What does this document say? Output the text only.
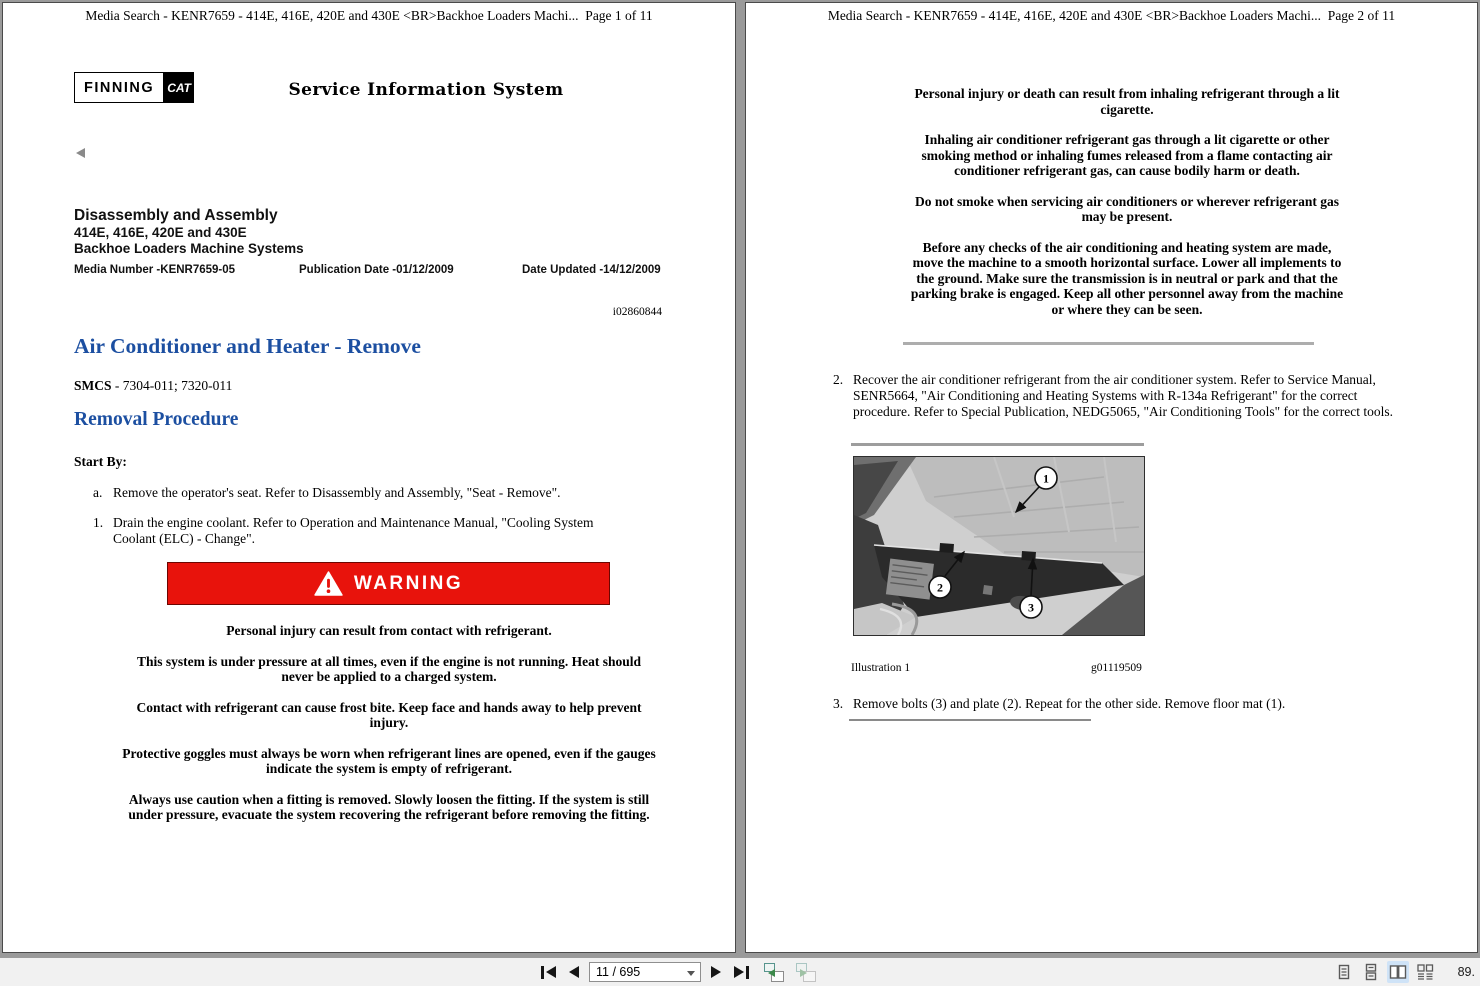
Media Search - KENR7659 - 414E, 416E, 420E and 430E <BR>Backhoe Loaders Machi...  Page 1 of 11
FINNING	CAT	Service Information System
Disassembly and Assembly
414E, 416E, 420E and 430E
Backhoe Loaders Machine Systems
Media Number -KENR7659-05	Publication Date -01/12/2009	Date Updated -14/12/2009
i02860844
Air Conditioner and Heater - Remove
SMCS - 7304-011; 7320-011
Removal Procedure
Start By:
a. Remove the operator's seat. Refer to Disassembly and Assembly, "Seat - Remove".
1. Drain the engine coolant. Refer to Operation and Maintenance Manual, "Cooling System Coolant (ELC) - Change".
WARNING

Personal injury can result from contact with refrigerant.

This system is under pressure at all times, even if the engine is not running. Heat should never be applied to a charged system.

Contact with refrigerant can cause frost bite. Keep face and hands away to help prevent injury.

Protective goggles must always be worn when refrigerant lines are opened, even if the gauges indicate the system is empty of refrigerant.

Always use caution when a fitting is removed. Slowly loosen the fitting. If the system is still under pressure, evacuate the system recovering the refrigerant before removing the fitting.

Media Search - KENR7659 - 414E, 416E, 420E and 430E <BR>Backhoe Loaders Machi...  Page 2 of 11

Personal injury or death can result from inhaling refrigerant through a lit cigarette.

Inhaling air conditioner refrigerant gas through a lit cigarette or other smoking method or inhaling fumes released from a flame contacting air conditioner refrigerant gas, can cause bodily harm or death.

Do not smoke when servicing air conditioners or wherever refrigerant gas may be present.

Before any checks of the air conditioning and heating system are made, move the machine to a smooth horizontal surface. Lower all implements to the ground. Make sure the transmission is in neutral or park and that the parking brake is engaged. Keep all other personnel away from the machine or where they can be seen.

2. Recover the air conditioner refrigerant from the air conditioner system. Refer to Service Manual, SENR5664, "Air Conditioning and Heating Systems with R-134a Refrigerant" for the correct procedure. Refer to Special Publication, NEDG5065, "Air Conditioning Tools" for the correct tools.
1
2
3
Illustration 1	g01119509
3. Remove bolts (3) and plate (2). Repeat for the other side. Remove floor mat (1).
11 / 695
89.
